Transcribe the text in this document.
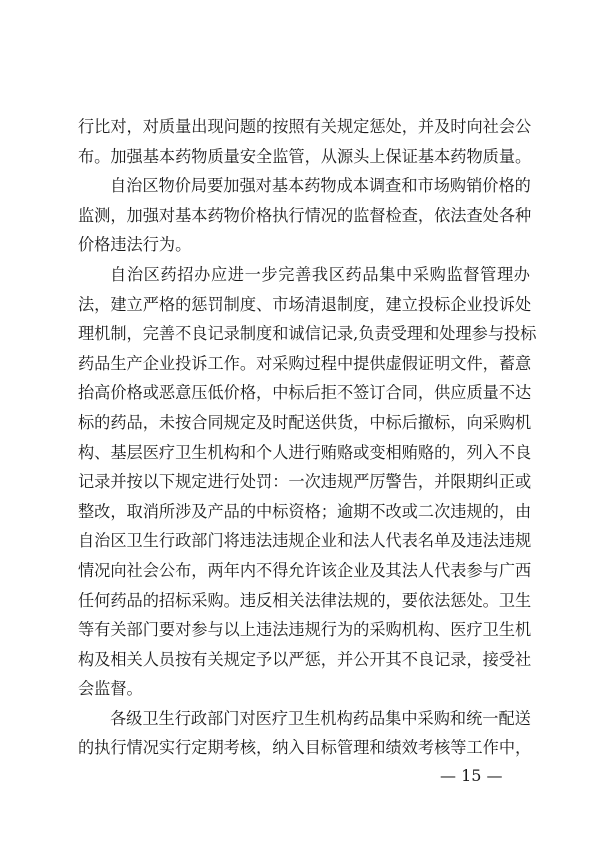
行比对，对质量出现问题的按照有关规定惩处，并及时向社会公
布。加强基本药物质量安全监管，从源头上保证基本药物质量。
自治区物价局要加强对基本药物成本调查和市场购销价格的
监测，加强对基本药物价格执行情况的监督检查，依法查处各种
价格违法行为。
自治区药招办应进一步完善我区药品集中采购监督管理办
法，建立严格的惩罚制度、市场清退制度，建立投标企业投诉处
理机制，完善不良记录制度和诚信记录,负责受理和处理参与投标
药品生产企业投诉工作。对采购过程中提供虚假证明文件，蓄意
抬高价格或恶意压低价格，中标后拒不签订合同，供应质量不达
标的药品，未按合同规定及时配送供货，中标后撤标，向采购机
构、基层医疗卫生机构和个人进行贿赂或变相贿赂的，列入不良
记录并按以下规定进行处罚：一次违规严厉警告，并限期纠正或
整改，取消所涉及产品的中标资格；逾期不改或二次违规的，由
自治区卫生行政部门将违法违规企业和法人代表名单及违法违规
情况向社会公布，两年内不得允许该企业及其法人代表参与广西
任何药品的招标采购。违反相关法律法规的，要依法惩处。卫生
等有关部门要对参与以上违法违规行为的采购机构、医疗卫生机
构及相关人员按有关规定予以严惩，并公开其不良记录，接受社
会监督。
各级卫生行政部门对医疗卫生机构药品集中采购和统一配送
的执行情况实行定期考核，纳入目标管理和绩效考核等工作中，
— 15 —
